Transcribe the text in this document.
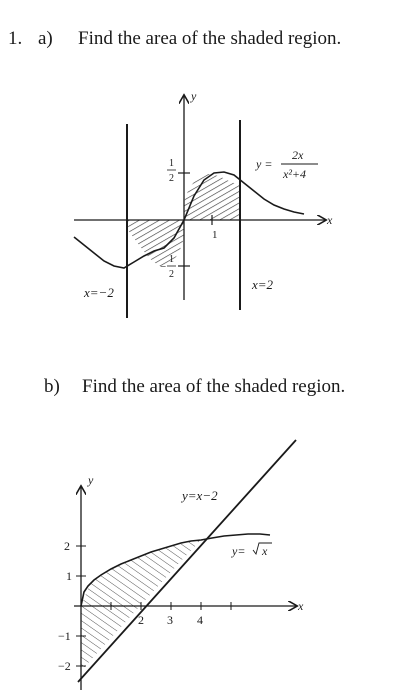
1. a) Find the area of the shaded region.
b) Find the area of the shaded region.
y
x
1
2
−
1
2
1
y =
2x
x²+4
x=−2
x=2
y
x
2 3 4
2
1
−1
−2
y=x−2
y= x
